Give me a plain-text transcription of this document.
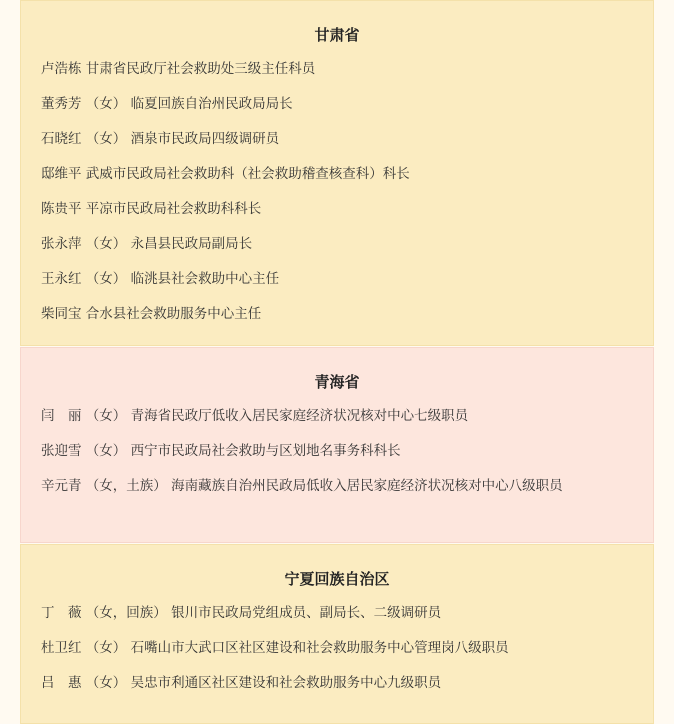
甘肃省
卢浩栋 甘肃省民政厅社会救助处三级主任科员
董秀芳 （女） 临夏回族自治州民政局局长
石晓红 （女） 酒泉市民政局四级调研员
邸维平 武威市民政局社会救助科（社会救助稽查核查科）科长
陈贵平 平凉市民政局社会救助科科长
张永萍 （女） 永昌县民政局副局长
王永红 （女） 临洮县社会救助中心主任
柴同宝 合水县社会救助服务中心主任
青海省
闫　丽 （女） 青海省民政厅低收入居民家庭经济状况核对中心七级职员
张迎雪 （女） 西宁市民政局社会救助与区划地名事务科科长
辛元青 （女，土族） 海南藏族自治州民政局低收入居民家庭经济状况核对中心八级职员
宁夏回族自治区
丁　薇 （女，回族） 银川市民政局党组成员、副局长、二级调研员
杜卫红 （女） 石嘴山市大武口区社区建设和社会救助服务中心管理岗八级职员
吕　惠 （女） 吴忠市利通区社区建设和社会救助服务中心九级职员
